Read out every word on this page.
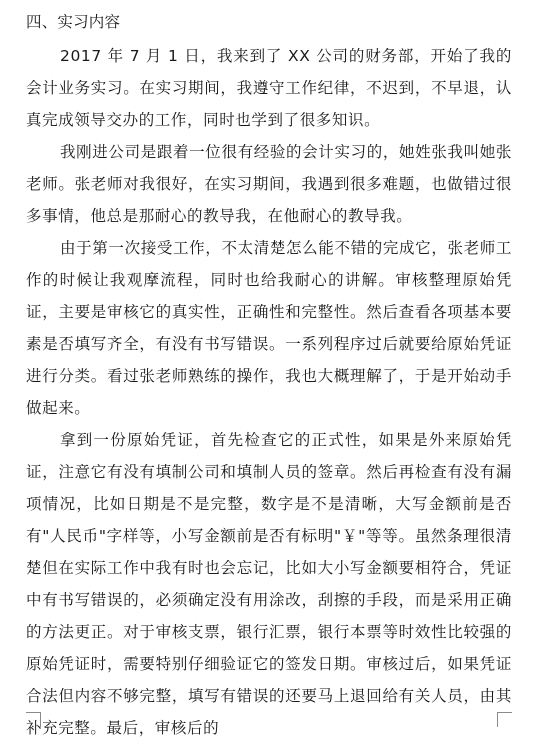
四、实习内容

2017 年 7 月 1 日，我来到了 XX 公司的财务部，开始了我的会计业务实习。在实习期间，我遵守工作纪律，不迟到，不早退，认真完成领导交办的工作，同时也学到了很多知识。

我刚进公司是跟着一位很有经验的会计实习的，她姓张我叫她张老师。张老师对我很好，在实习期间，我遇到很多难题，也做错过很多事情，他总是那耐心的教导我，在他耐心的教导我。

由于第一次接受工作，不太清楚怎么能不错的完成它，张老师工作的时候让我观摩流程，同时也给我耐心的讲解。审核整理原始凭证，主要是审核它的真实性，正确性和完整性。然后查看各项基本要素是否填写齐全，有没有书写错误。一系列程序过后就要给原始凭证进行分类。看过张老师熟练的操作，我也大概理解了，于是开始动手做起来。

拿到一份原始凭证，首先检查它的正式性，如果是外来原始凭证，注意它有没有填制公司和填制人员的签章。然后再检查有没有漏项情况，比如日期是不是完整，数字是不是清晰，大写金额前是否有"人民币"字样等，小写金额前是否有标明"￥"等等。虽然条理很清楚但在实际工作中我有时也会忘记，比如大小写金额要相符合，凭证中有书写错误的，必须确定没有用涂改，刮擦的手段，而是采用正确的方法更正。对于审核支票，银行汇票，银行本票等时效性比较强的原始凭证时，需要特别仔细验证它的签发日期。审核过后，如果凭证合法但内容不够完整，填写有错误的还要马上退回给有关人员，由其补充完整。最后，审核后的
